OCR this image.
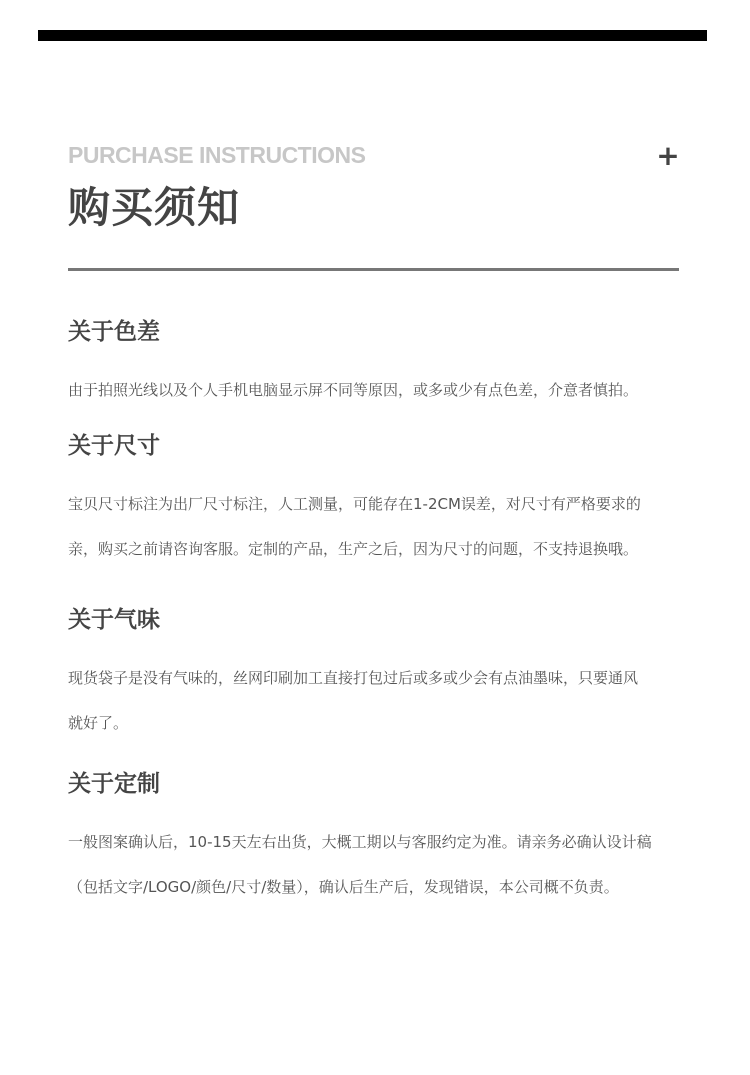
PURCHASE INSTRUCTIONS
购买须知
+
关于色差

由于拍照光线以及个人手机电脑显示屏不同等原因，或多或少有点色差，介意者慎拍。

关于尺寸

宝贝尺寸标注为出厂尺寸标注，人工测量，可能存在1-2CM误差，对尺寸有严格要求的

亲，购买之前请咨询客服。定制的产品，生产之后，因为尺寸的问题，不支持退换哦。

关于气味

现货袋子是没有气味的，丝网印刷加工直接打包过后或多或少会有点油墨味，只要通风

就好了。

关于定制

一般图案确认后，10-15天左右出货，大概工期以与客服约定为准。请亲务必确认设计稿

（包括文字/LOGO/颜色/尺寸/数量），确认后生产后，发现错误，本公司概不负责。
